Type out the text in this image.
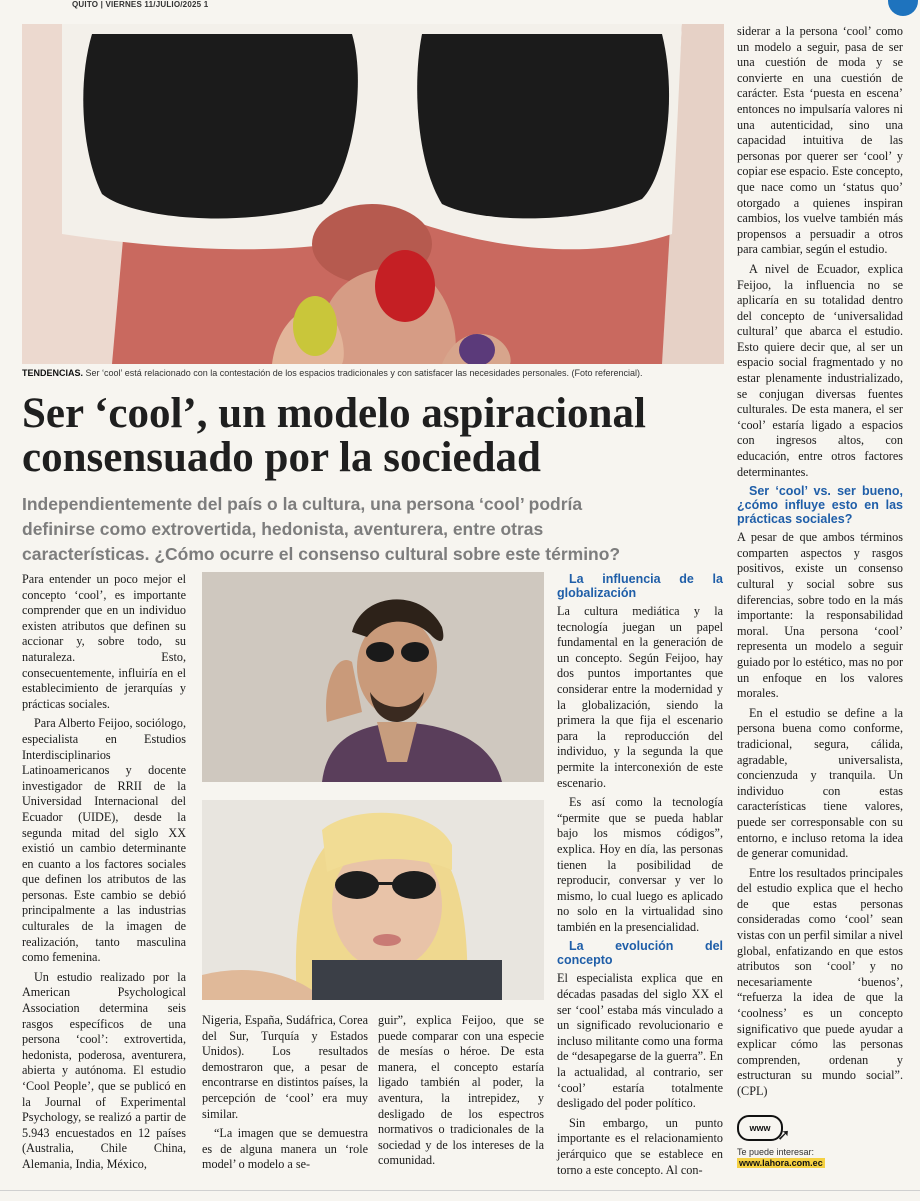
QUITO | VIERNES 11/JULIO/2025 1
TENDENCIAS. Ser ‘cool’ está relacionado con la contestación de los espacios tradicionales y con satisfacer las necesidades personales. (Foto referencial).
Ser ‘cool’, un modelo aspiracional
consensuado por la sociedad

Independientemente del país o la cultura, una persona ‘cool’ podría
definirse como extrovertida, hedonista, aventurera, entre otras
características. ¿Cómo ocurre el consenso cultural sobre este término?

Para entender un poco mejor el concepto ‘cool’, es importante comprender que en un individuo existen atributos que definen su accionar y, sobre todo, su naturaleza. Esto, consecuentemente, influiría en el establecimiento de jerarquías y prácticas sociales.

Para Alberto Feijoo, sociólogo, especialista en Estudios Interdisciplinarios Latinoamericanos y docente investigador de RRII de la Universidad Internacional del Ecuador (UIDE), desde la segunda mitad del siglo XX existió un cambio determinante en cuanto a los factores sociales que definen los atributos de las personas. Este cambio se debió principalmente a las industrias culturales de la imagen de realización, tanto masculina como femenina.

Un estudio realizado por la American Psychological Association determina seis rasgos específicos de una persona ‘cool’: extrovertida, hedonista, poderosa, aventurera, abierta y autónoma. El estudio ‘Cool People’, que se publicó en la Journal of Experimental Psychology, se realizó a partir de 5.943 encuestados en 12 países (Australia, Chile China, Alemania, India, México,

Nigeria, España, Sudáfrica, Corea del Sur, Turquía y Estados Unidos). Los resultados demostraron que, a pesar de encontrarse en distintos países, la percepción de ‘cool’ era muy similar.

“La imagen que se demuestra es de alguna manera un ‘role model’ o modelo a se-

guir”, explica Feijoo, que se puede comparar con una especie de mesías o héroe. De esta manera, el concepto estaría ligado también al poder, la aventura, la intrepidez, y desligado de los espectros normativos o tradicionales de la sociedad y de los intereses de la comunidad.

La influencia de la globalización

La cultura mediática y la tecnología juegan un papel fundamental en la generación de un concepto. Según Feijoo, hay dos puntos importantes que considerar entre la modernidad y la globalización, siendo la primera la que fija el escenario para la reproducción del individuo, y la segunda la que permite la interconexión de este escenario.

Es así como la tecnología “permite que se pueda hablar bajo los mismos códigos”, explica. Hoy en día, las personas tienen la posibilidad de reproducir, conversar y ver lo mismo, lo cual luego es aplicado no solo en la virtualidad sino también en la presencialidad.

La evolución del concepto

El especialista explica que en décadas pasadas del siglo XX el ser ‘cool’ estaba más vinculado a un significado revolucionario e incluso militante como una forma de “desapegarse de la guerra”. En la actualidad, al contrario, ser ‘cool’ estaría totalmente desligado del poder político.

Sin embargo, un punto importante es el relacionamiento jerárquico que se establece en torno a este concepto. Al con-

siderar a la persona ‘cool’ como un modelo a seguir, pasa de ser una cuestión de moda y se convierte en una cuestión de carácter. Esta ‘puesta en escena’ entonces no impulsaría valores ni una autenticidad, sino una capacidad intuitiva de las personas por querer ser ‘cool’ y copiar ese espacio. Este concepto, que nace como un ‘status quo’ otorgado a quienes inspiran cambios, los vuelve también más propensos a persuadir a otros para cambiar, según el estudio.

A nivel de Ecuador, explica Feijoo, la influencia no se aplicaría en su totalidad dentro del concepto de ‘universalidad cultural’ que abarca el estudio. Esto quiere decir que, al ser un espacio social fragmentado y no estar plenamente industrializado, se conjugan diversas fuentes culturales. De esta manera, el ser ‘cool’ estaría ligado a espacios con ingresos altos, con educación, entre otros factores determinantes.

Ser ‘cool’ vs. ser bueno, ¿cómo influye esto en las prácticas sociales?

A pesar de que ambos términos comparten aspectos y rasgos positivos, existe un consenso cultural y social sobre sus diferencias, sobre todo en la más importante: la responsabilidad moral. Una persona ‘cool’ representa un modelo a seguir guiado por lo estético, mas no por un enfoque en los valores morales.

En el estudio se define a la persona buena como conforme, tradicional, segura, cálida, agradable, universalista, concienzuda y tranquila. Un individuo con estas características tiene valores, puede ser corresponsable con su entorno, e incluso retoma la idea de generar comunidad.

Entre los resultados principales del estudio explica que el hecho de que estas personas consideradas como ‘cool’ sean vistas con un perfil similar a nivel global, enfatizando en que estos atributos son ‘cool’ y no necesariamente ‘buenos’, “refuerza la idea de que la ‘coolness’ es un concepto significativo que puede ayudar a explicar cómo las personas comprenden, ordenan y estructuran su mundo social”. (CPL)

www ➚
Te puede interesar:
www.lahora.com.ec
